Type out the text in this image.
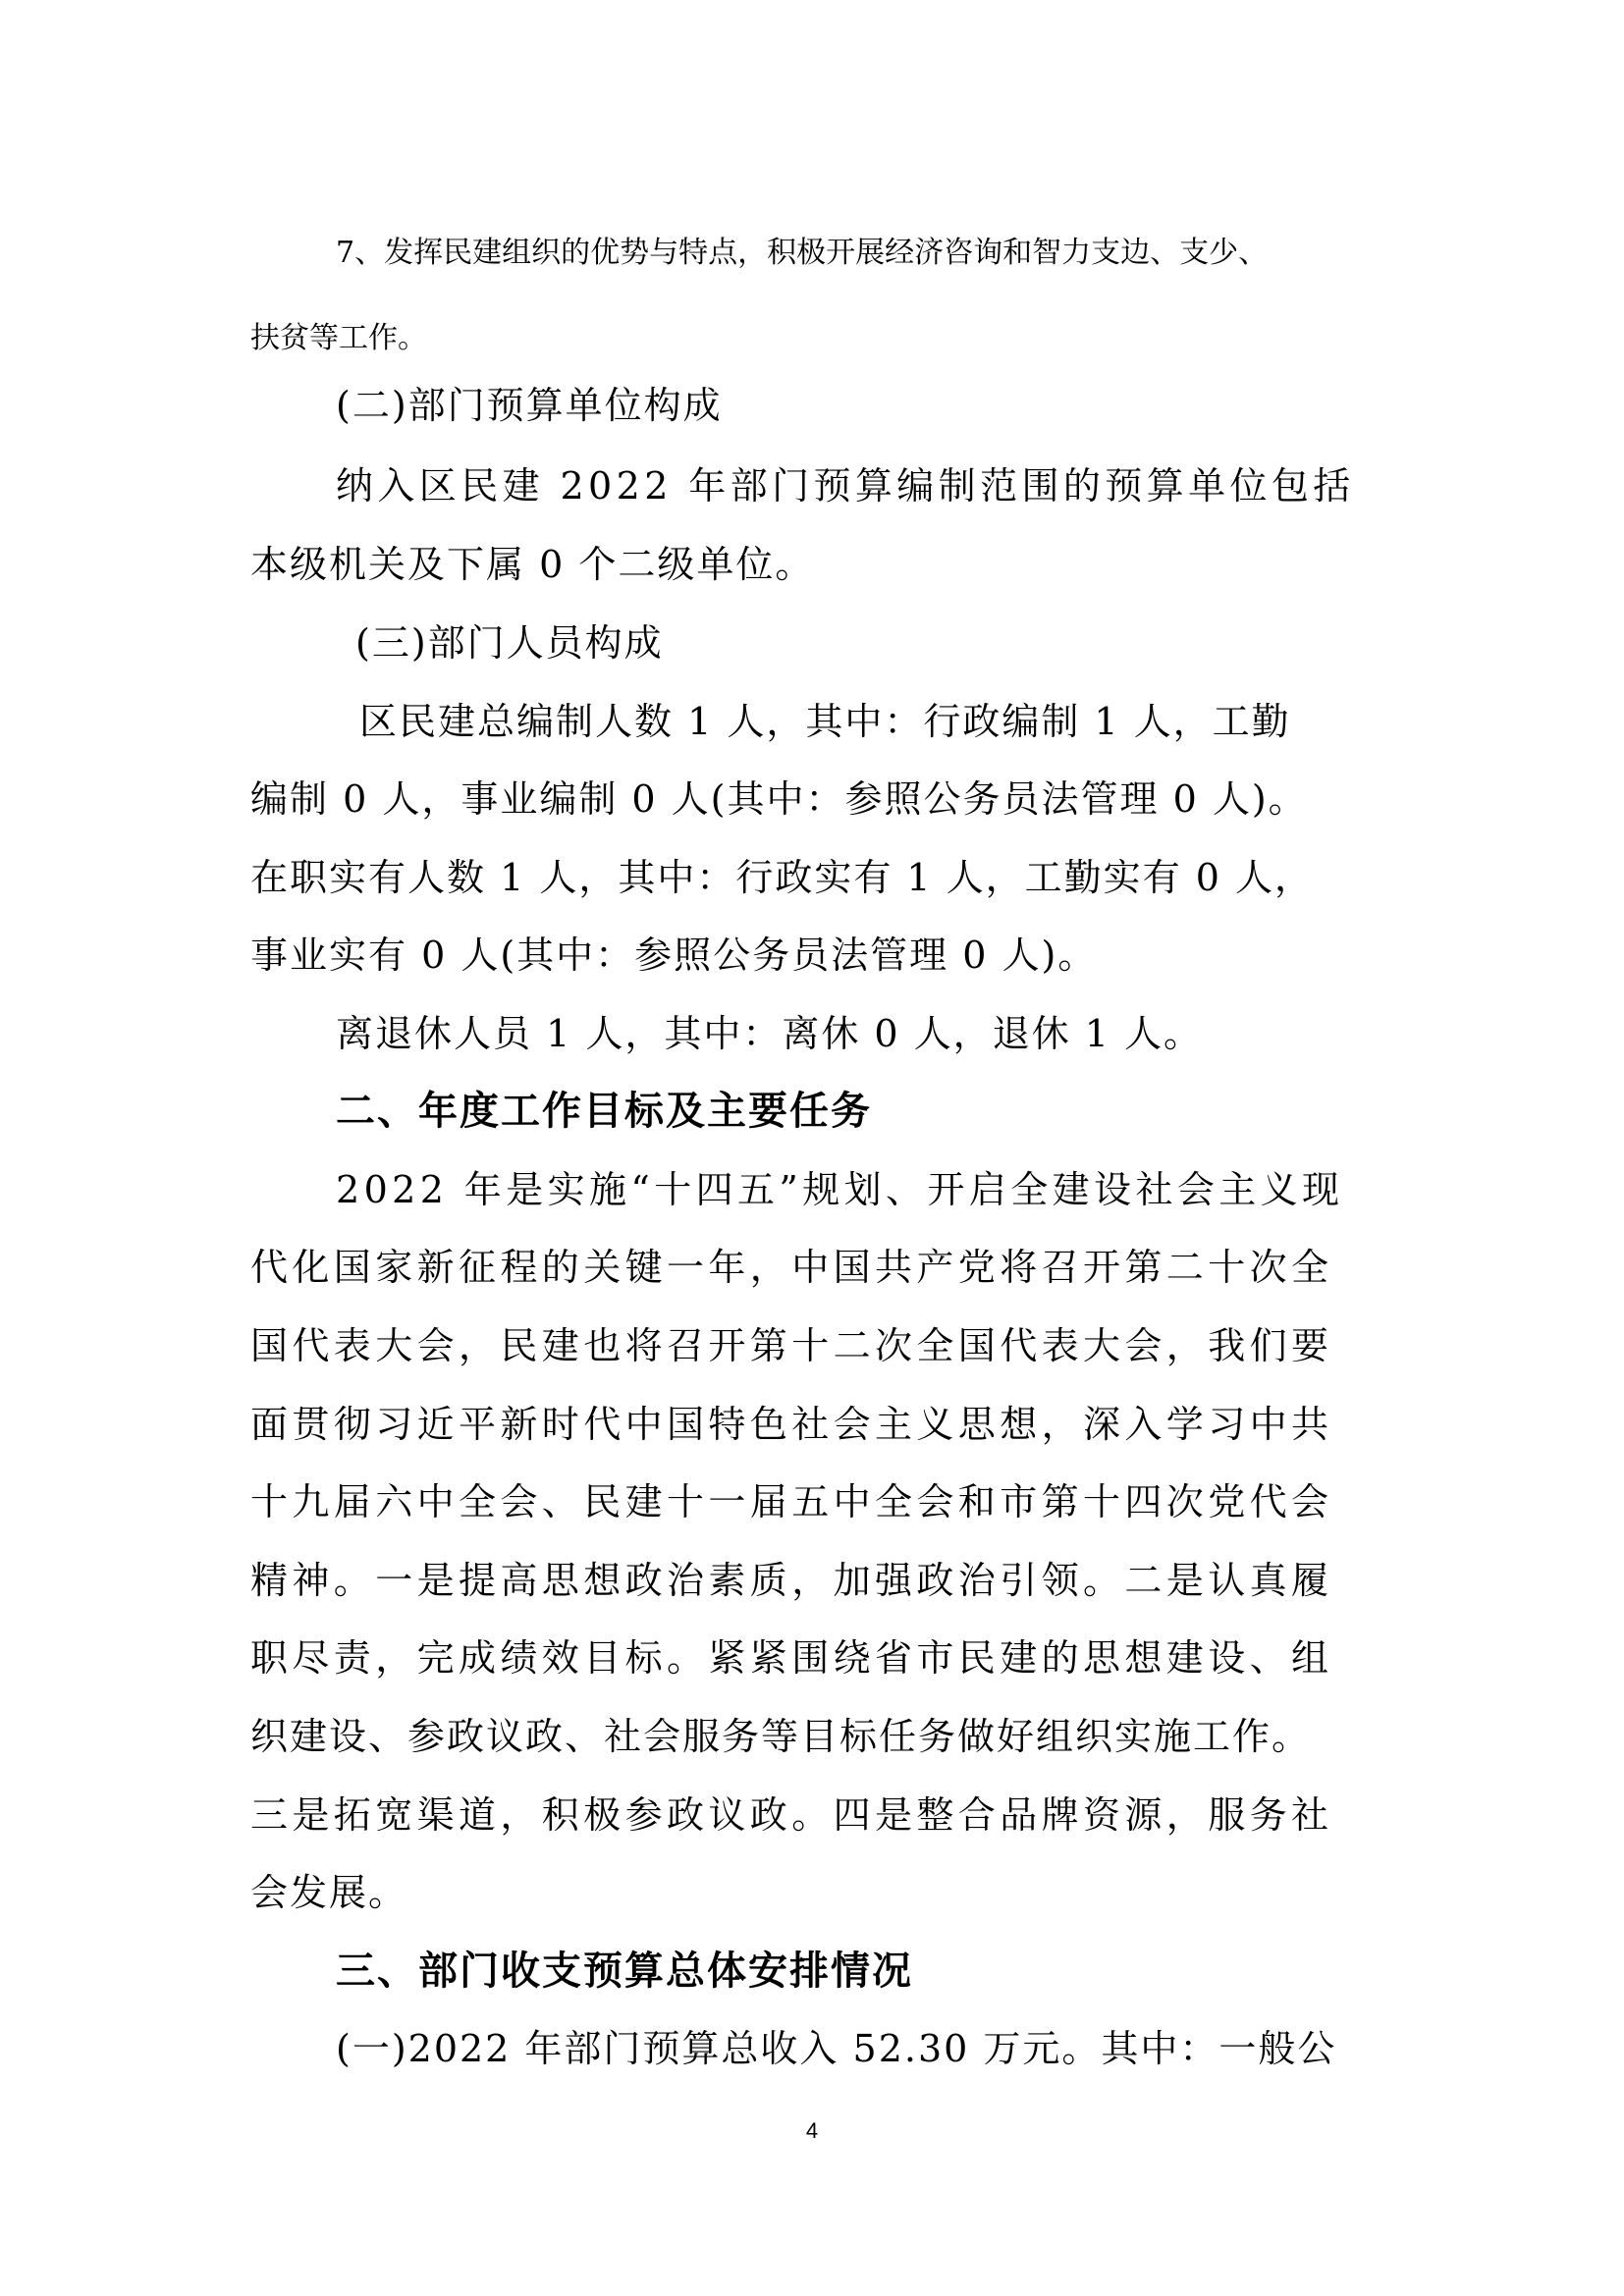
7、发挥民建组织的优势与特点，积极开展经济咨询和智力支边、支少、
扶贫等工作。
(二)部门预算单位构成
纳入区民建 2022 年部门预算编制范围的预算单位包括
本级机关及下属 0 个二级单位。
(三)部门人员构成
区民建总编制人数 1 人，其中：行政编制 1 人，工勤
编制 0 人，事业编制 0 人(其中：参照公务员法管理 0 人)。
在职实有人数 1 人，其中：行政实有 1 人，工勤实有 0 人，
事业实有 0 人(其中：参照公务员法管理 0 人)。
离退休人员 1 人，其中：离休 0 人，退休 1 人。
二、年度工作目标及主要任务
2022 年是实施“十四五”规划、开启全建设社会主义现
代化国家新征程的关键一年，中国共产党将召开第二十次全
国代表大会，民建也将召开第十二次全国代表大会，我们要
面贯彻习近平新时代中国特色社会主义思想，深入学习中共
十九届六中全会、民建十一届五中全会和市第十四次党代会
精神。一是提高思想政治素质，加强政治引领。二是认真履
职尽责，完成绩效目标。紧紧围绕省市民建的思想建设、组
织建设、参政议政、社会服务等目标任务做好组织实施工作。
三是拓宽渠道，积极参政议政。四是整合品牌资源，服务社
会发展。
三、部门收支预算总体安排情况
(一)2022 年部门预算总收入 52.30 万元。其中：一般公
4
